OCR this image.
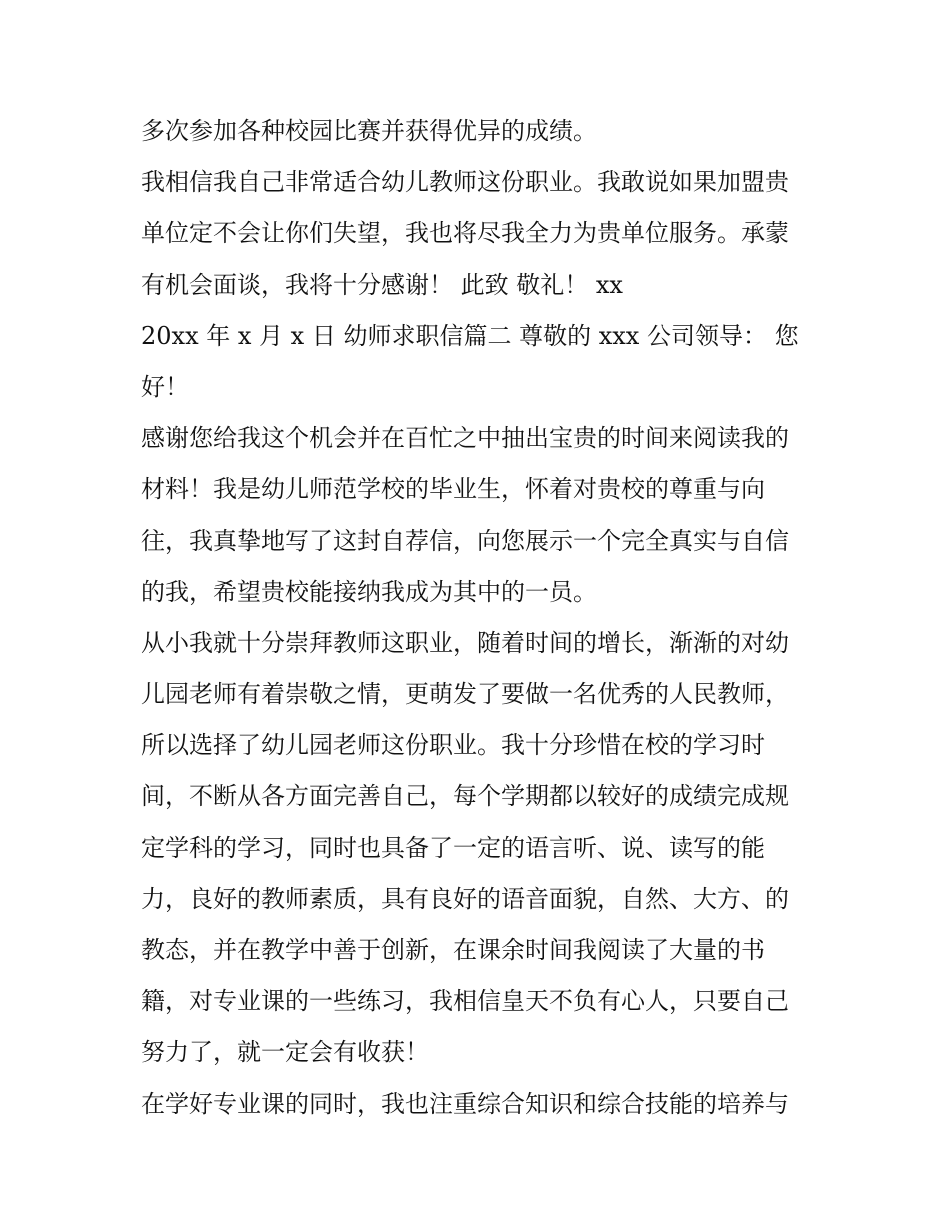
多次参加各种校园比赛并获得优异的成绩。
我相信我自己非常适合幼儿教师这份职业。我敢说如果加盟贵
单位定不会让你们失望，我也将尽我全力为贵单位服务。承蒙
有机会面谈，我将十分感谢！ 此致 敬礼！ xx
20xx 年 x 月 x 日 幼师求职信篇二 尊敬的 xxx 公司领导： 您
好！
感谢您给我这个机会并在百忙之中抽出宝贵的时间来阅读我的
材料！我是幼儿师范学校的毕业生，怀着对贵校的尊重与向
往，我真挚地写了这封自荐信，向您展示一个完全真实与自信
的我，希望贵校能接纳我成为其中的一员。
从小我就十分崇拜教师这职业，随着时间的增长，渐渐的对幼
儿园老师有着崇敬之情，更萌发了要做一名优秀的人民教师，
所以选择了幼儿园老师这份职业。我十分珍惜在校的学习时
间，不断从各方面完善自己，每个学期都以较好的成绩完成规
定学科的学习，同时也具备了一定的语言听、说、读写的能
力，良好的教师素质，具有良好的语音面貌，自然、大方、的
教态，并在教学中善于创新，在课余时间我阅读了大量的书
籍，对专业课的一些练习，我相信皇天不负有心人，只要自己
努力了，就一定会有收获！
在学好专业课的同时，我也注重综合知识和综合技能的培养与
